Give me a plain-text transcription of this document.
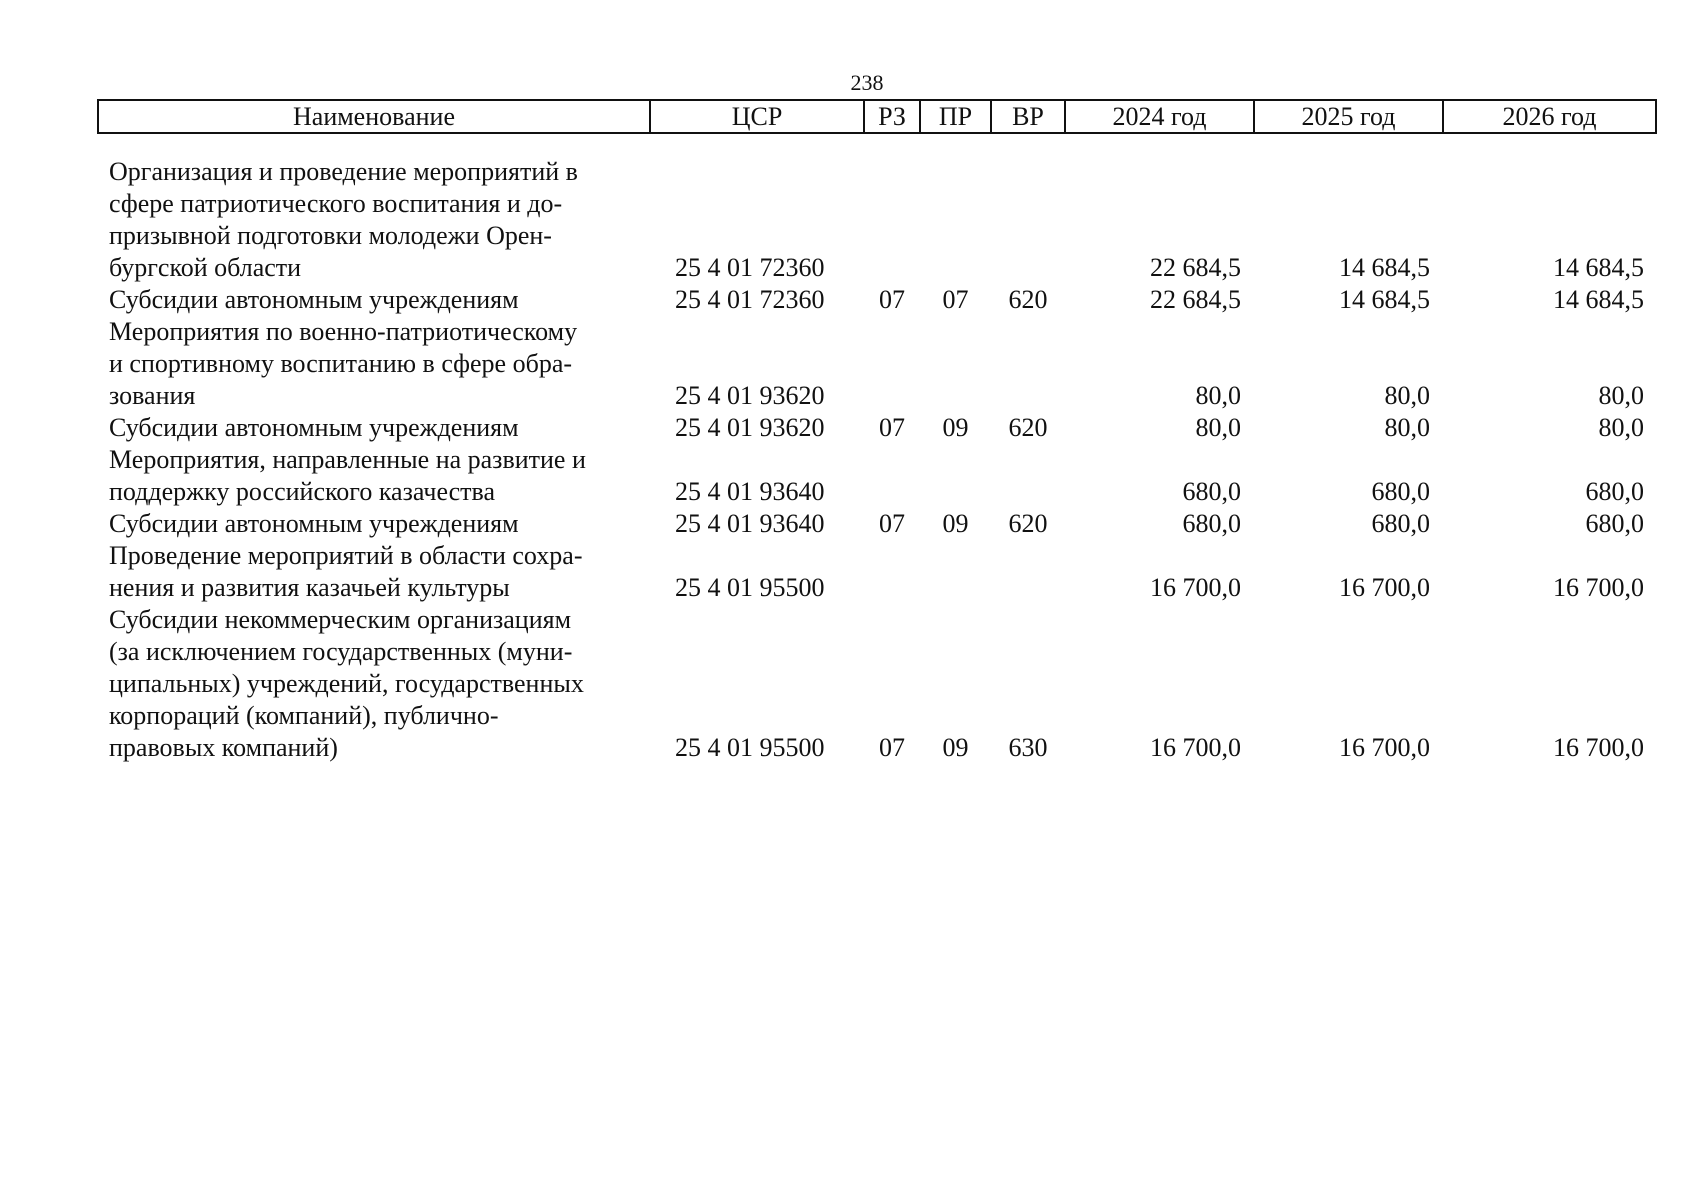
238
Наименование	ЦСР	РЗ	ПР	ВР	2024 год	2025 год	2026 год

Организация и проведение мероприятий в
сфере патриотического воспитания и до-
призывной подготовки молодежи Орен-
бургской области	25 4 01 72360				22 684,5	14 684,5	14 684,5

Субсидии автономным учреждениям	25 4 01 72360	07	07	620	22 684,5	14 684,5	14 684,5

Мероприятия по военно-патриотическому
и спортивному воспитанию в сфере обра-
зования	25 4 01 93620				80,0	80,0	80,0

Субсидии автономным учреждениям	25 4 01 93620	07	09	620	80,0	80,0	80,0

Мероприятия, направленные на развитие и
поддержку российского казачества	25 4 01 93640				680,0	680,0	680,0

Субсидии автономным учреждениям	25 4 01 93640	07	09	620	680,0	680,0	680,0

Проведение мероприятий в области сохра-
нения и развития казачьей культуры	25 4 01 95500				16 700,0	16 700,0	16 700,0

Субсидии некоммерческим организациям
(за исключением государственных (муни-
ципальных) учреждений, государственных
корпораций (компаний), публично-
правовых компаний)	25 4 01 95500	07	09	630	16 700,0	16 700,0	16 700,0
